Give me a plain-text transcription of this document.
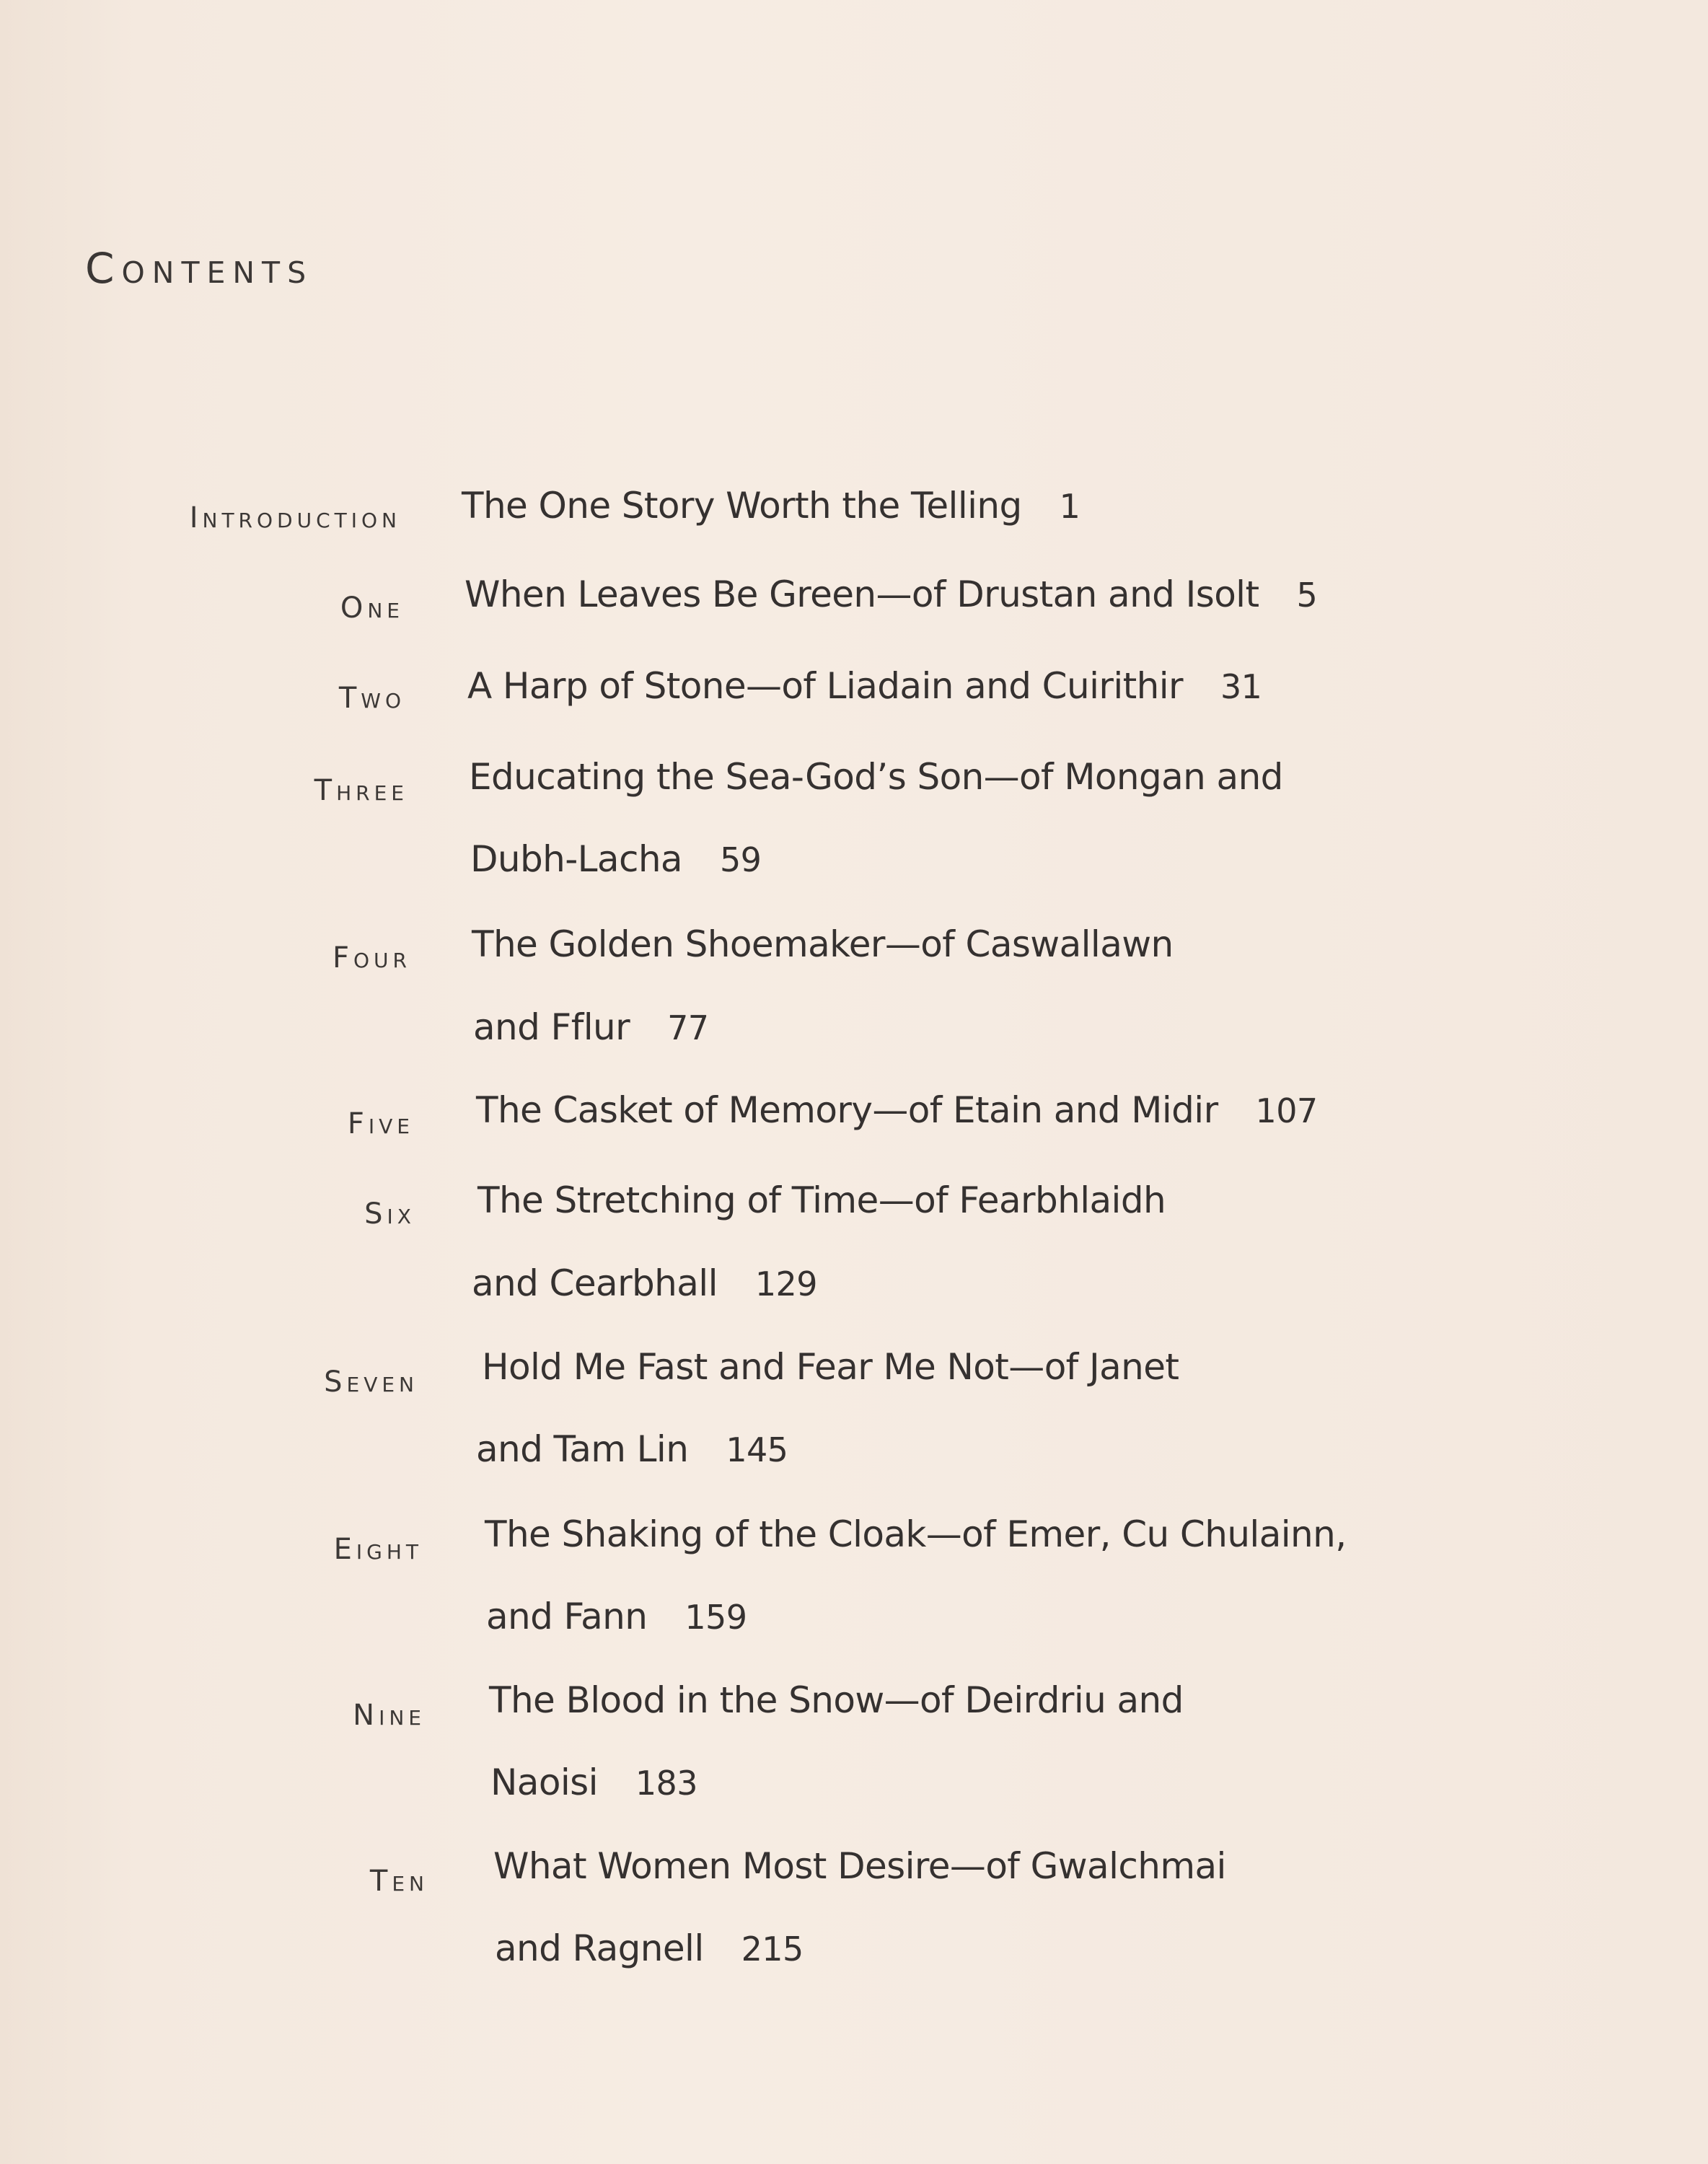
Contents
Introduction The One Story Worth the Telling 1
One When Leaves Be Green—of Drustan and Isolt 5
Two A Harp of Stone—of Liadain and Cuirithir 31
Three Educating the Sea-God’s Son—of Mongan and
Dubh-Lacha 59
Four The Golden Shoemaker—of Caswallawn
and Fflur 77
Five The Casket of Memory—of Etain and Midir 107
Six The Stretching of Time—of Fearbhlaidh
and Cearbhall 129
Seven Hold Me Fast and Fear Me Not—of Janet
and Tam Lin 145
Eight The Shaking of the Cloak—of Emer, Cu Chulainn,
and Fann 159
Nine The Blood in the Snow—of Deirdriu and
Naoisi 183
Ten What Women Most Desire—of Gwalchmai
and Ragnell 215
